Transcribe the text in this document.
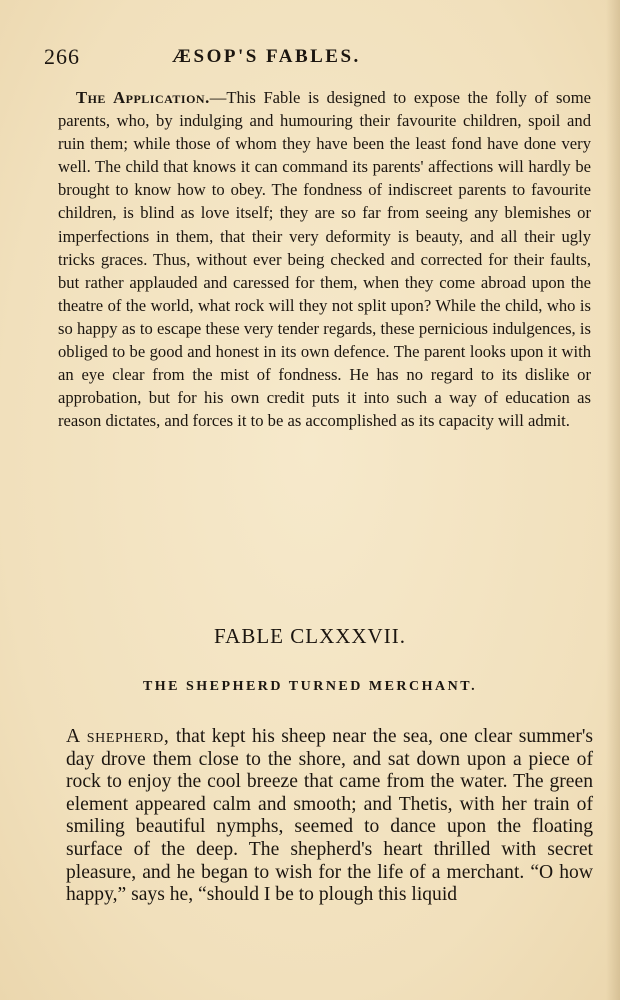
266	ÆSOP'S FABLES.

The Application.—This Fable is designed to expose the folly of some parents, who, by indulging and humouring their favourite children, spoil and ruin them; while those of whom they have been the least fond have done very well. The child that knows it can command its parents' affections will hardly be brought to know how to obey. The fondness of indiscreet parents to favourite children, is blind as love itself; they are so far from seeing any blemishes or imperfections in them, that their very deformity is beauty, and all their ugly tricks graces. Thus, without ever being checked and corrected for their faults, but rather applauded and caressed for them, when they come abroad upon the theatre of the world, what rock will they not split upon? While the child, who is so happy as to escape these very tender regards, these pernicious indulgences, is obliged to be good and honest in its own defence. The parent looks upon it with an eye clear from the mist of fondness. He has no regard to its dislike or approbation, but for his own credit puts it into such a way of education as reason dictates, and forces it to be as accomplished as its capacity will admit.

FABLE CLXXXVII.
THE SHEPHERD TURNED MERCHANT.

A shepherd, that kept his sheep near the sea, one clear summer's day drove them close to the shore, and sat down upon a piece of rock to enjoy the cool breeze that came from the water. The green element appeared calm and smooth; and Thetis, with her train of smiling beautiful nymphs, seemed to dance upon the floating surface of the deep. The shepherd's heart thrilled with secret pleasure, and he began to wish for the life of a merchant. “O how happy,” says he, “should I be to plough this liquid
